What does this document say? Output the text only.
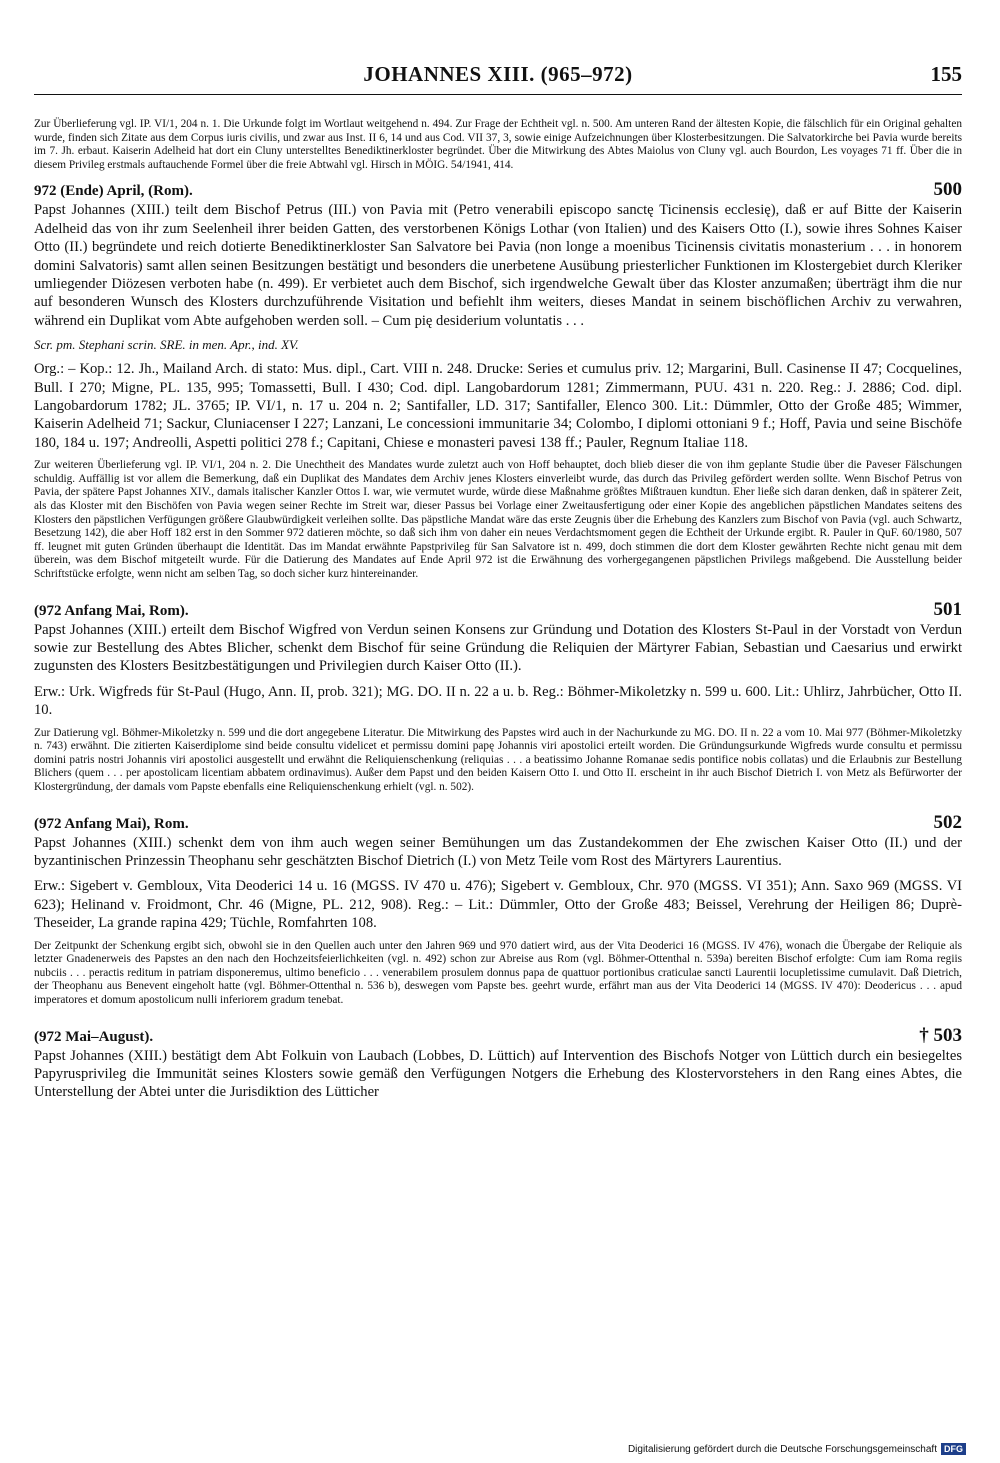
JOHANNES XIII. (965–972)	155

Zur Überlieferung vgl. IP. VI/1, 204 n. 1. Die Urkunde folgt im Wortlaut weitgehend n. 494. Zur Frage der Echtheit vgl. n. 500. Am unteren Rand der ältesten Kopie, die fälschlich für ein Original gehalten wurde, finden sich Zitate aus dem Corpus iuris civilis, und zwar aus Inst. II 6, 14 und aus Cod. VII 37, 3, sowie einige Aufzeichnungen über Klosterbesitzungen. Die Salvatorkirche bei Pavia wurde bereits im 7. Jh. erbaut. Kaiserin Adelheid hat dort ein Cluny unterstelltes Benediktinerkloster begründet. Über die Mitwirkung des Abtes Maiolus von Cluny vgl. auch Bourdon, Les voyages 71 ff. Über die in diesem Privileg erstmals auftauchende Formel über die freie Abtwahl vgl. Hirsch in MÖIG. 54/1941, 414.

972 (Ende) April, (Rom).	500

Papst Johannes (XIII.) teilt dem Bischof Petrus (III.) von Pavia mit (Petro venerabili episcopo sanctę Ticinensis ecclesię), daß er auf Bitte der Kaiserin Adelheid das von ihr zum Seelenheil ihrer beiden Gatten, des verstorbenen Königs Lothar (von Italien) und des Kaisers Otto (I.), sowie ihres Sohnes Kaiser Otto (II.) begründete und reich dotierte Benediktinerkloster San Salvatore bei Pavia (non longe a moenibus Ticinensis civitatis monasterium . . . in honorem domini Salvatoris) samt allen seinen Besitzungen bestätigt und besonders die unerbetene Ausübung priesterlicher Funktionen im Klostergebiet durch Kleriker umliegender Diözesen verboten habe (n. 499). Er verbietet auch dem Bischof, sich irgendwelche Gewalt über das Kloster anzumaßen; überträgt ihm die nur auf besonderen Wunsch des Klosters durchzuführende Visitation und befiehlt ihm weiters, dieses Mandat in seinem bischöflichen Archiv zu verwahren, während ein Duplikat vom Abte aufgehoben werden soll. – Cum pię desiderium voluntatis . . .

Scr. pm. Stephani scrin. SRE. in men. Apr., ind. XV.

Org.: – Kop.: 12. Jh., Mailand Arch. di stato: Mus. dipl., Cart. VIII n. 248. Drucke: Series et cumulus priv. 12; Margarini, Bull. Casinense II 47; Cocquelines, Bull. I 270; Migne, PL. 135, 995; Tomassetti, Bull. I 430; Cod. dipl. Langobardorum 1281; Zimmermann, PUU. 431 n. 220. Reg.: J. 2886; Cod. dipl. Langobardorum 1782; JL. 3765; IP. VI/1, n. 17 u. 204 n. 2; Santifaller, LD. 317; Santifaller, Elenco 300. Lit.: Dümmler, Otto der Große 485; Wimmer, Kaiserin Adelheid 71; Sackur, Cluniacenser I 227; Lanzani, Le concessioni immunitarie 34; Colombo, I diplomi ottoniani 9 f.; Hoff, Pavia und seine Bischöfe 180, 184 u. 197; Andreolli, Aspetti politici 278 f.; Capitani, Chiese e monasteri pavesi 138 ff.; Pauler, Regnum Italiae 118.

Zur weiteren Überlieferung vgl. IP. VI/1, 204 n. 2. Die Unechtheit des Mandates wurde zuletzt auch von Hoff behauptet, doch blieb dieser die von ihm geplante Studie über die Paveser Fälschungen schuldig. Auffällig ist vor allem die Bemerkung, daß ein Duplikat des Mandates dem Archiv jenes Klosters einverleibt wurde, das durch das Privileg gefördert werden sollte. Wenn Bischof Petrus von Pavia, der spätere Papst Johannes XIV., damals italischer Kanzler Ottos I. war, wie vermutet wurde, würde diese Maßnahme größtes Mißtrauen kundtun. Eher ließe sich daran denken, daß in späterer Zeit, als das Kloster mit den Bischöfen von Pavia wegen seiner Rechte im Streit war, dieser Passus bei Vorlage einer Zweitausfertigung oder einer Kopie des angeblichen päpstlichen Mandates seitens des Klosters den päpstlichen Verfügungen größere Glaubwürdigkeit verleihen sollte. Das päpstliche Mandat wäre das erste Zeugnis über die Erhebung des Kanzlers zum Bischof von Pavia (vgl. auch Schwartz, Besetzung 142), die aber Hoff 182 erst in den Sommer 972 datieren möchte, so daß sich ihm von daher ein neues Verdachtsmoment gegen die Echtheit der Urkunde ergibt. R. Pauler in QuF. 60/1980, 507 ff. leugnet mit guten Gründen überhaupt die Identität. Das im Mandat erwähnte Papstprivileg für San Salvatore ist n. 499, doch stimmen die dort dem Kloster gewährten Rechte nicht genau mit dem überein, was dem Bischof mitgeteilt wurde. Für die Datierung des Mandates auf Ende April 972 ist die Erwähnung des vorhergegangenen päpstlichen Privilegs maßgebend. Die Ausstellung beider Schriftstücke erfolgte, wenn nicht am selben Tag, so doch sicher kurz hintereinander.

(972 Anfang Mai, Rom).	501

Papst Johannes (XIII.) erteilt dem Bischof Wigfred von Verdun seinen Konsens zur Gründung und Dotation des Klosters St-Paul in der Vorstadt von Verdun sowie zur Bestellung des Abtes Blicher, schenkt dem Bischof für seine Gründung die Reliquien der Märtyrer Fabian, Sebastian und Caesarius und erwirkt zugunsten des Klosters Besitzbestätigungen und Privilegien durch Kaiser Otto (II.).

Erw.: Urk. Wigfreds für St-Paul (Hugo, Ann. II, prob. 321); MG. DO. II n. 22 a u. b. Reg.: Böhmer-Mikoletzky n. 599 u. 600. Lit.: Uhlirz, Jahrbücher, Otto II. 10.

Zur Datierung vgl. Böhmer-Mikoletzky n. 599 und die dort angegebene Literatur. Die Mitwirkung des Papstes wird auch in der Nachurkunde zu MG. DO. II n. 22 a vom 10. Mai 977 (Böhmer-Mikoletzky n. 743) erwähnt. Die zitierten Kaiserdiplome sind beide consultu videlicet et permissu domini papę Johannis viri apostolici erteilt worden. Die Gründungsurkunde Wigfreds wurde consultu et permissu domini patris nostri Johannis viri apostolici ausgestellt und erwähnt die Reliquienschenkung (reliquias . . . a beatissimo Johanne Romanae sedis pontifice nobis collatas) und die Erlaubnis zur Bestellung Blichers (quem . . . per apostolicam licentiam abbatem ordinavimus). Außer dem Papst und den beiden Kaisern Otto I. und Otto II. erscheint in ihr auch Bischof Dietrich I. von Metz als Befürworter der Klostergründung, der damals vom Papste ebenfalls eine Reliquienschenkung erhielt (vgl. n. 502).

(972 Anfang Mai), Rom.	502

Papst Johannes (XIII.) schenkt dem von ihm auch wegen seiner Bemühungen um das Zustandekommen der Ehe zwischen Kaiser Otto (II.) und der byzantinischen Prinzessin Theophanu sehr geschätzten Bischof Dietrich (I.) von Metz Teile vom Rost des Märtyrers Laurentius.

Erw.: Sigebert v. Gembloux, Vita Deoderici 14 u. 16 (MGSS. IV 470 u. 476); Sigebert v. Gembloux, Chr. 970 (MGSS. VI 351); Ann. Saxo 969 (MGSS. VI 623); Helinand v. Froidmont, Chr. 46 (Migne, PL. 212, 908). Reg.: – Lit.: Dümmler, Otto der Große 483; Beissel, Verehrung der Heiligen 86; Duprè-Theseider, La grande rapina 429; Tüchle, Romfahrten 108.

Der Zeitpunkt der Schenkung ergibt sich, obwohl sie in den Quellen auch unter den Jahren 969 und 970 datiert wird, aus der Vita Deoderici 16 (MGSS. IV 476), wonach die Übergabe der Reliquie als letzter Gnadenerweis des Papstes an den nach den Hochzeitsfeierlichkeiten (vgl. n. 492) schon zur Abreise aus Rom (vgl. Böhmer-Ottenthal n. 539a) bereiten Bischof erfolgte: Cum iam Roma regiis nubciis . . . peractis reditum in patriam disponeremus, ultimo beneficio . . . venerabilem prosulem donnus papa de quattuor portionibus craticulae sancti Laurentii locupletissime cumulavit. Daß Dietrich, der Theophanu aus Benevent eingeholt hatte (vgl. Böhmer-Ottenthal n. 536 b), deswegen vom Papste bes. geehrt wurde, erfährt man aus der Vita Deoderici 14 (MGSS. IV 470): Deodericus . . . apud imperatores et domum apostolicum nulli inferiorem gradum tenebat.

(972 Mai–August).	† 503

Papst Johannes (XIII.) bestätigt dem Abt Folkuin von Laubach (Lobbes, D. Lüttich) auf Intervention des Bischofs Notger von Lüttich durch ein besiegeltes Papyrusprivileg die Immunität seines Klosters sowie gemäß den Verfügungen Notgers die Erhebung des Klostervorstehers in den Rang eines Abtes, die Unterstellung der Abtei unter die Jurisdiktion des Lütticher

Digitalisierung gefördert durch die Deutsche Forschungsgemeinschaft DFG
